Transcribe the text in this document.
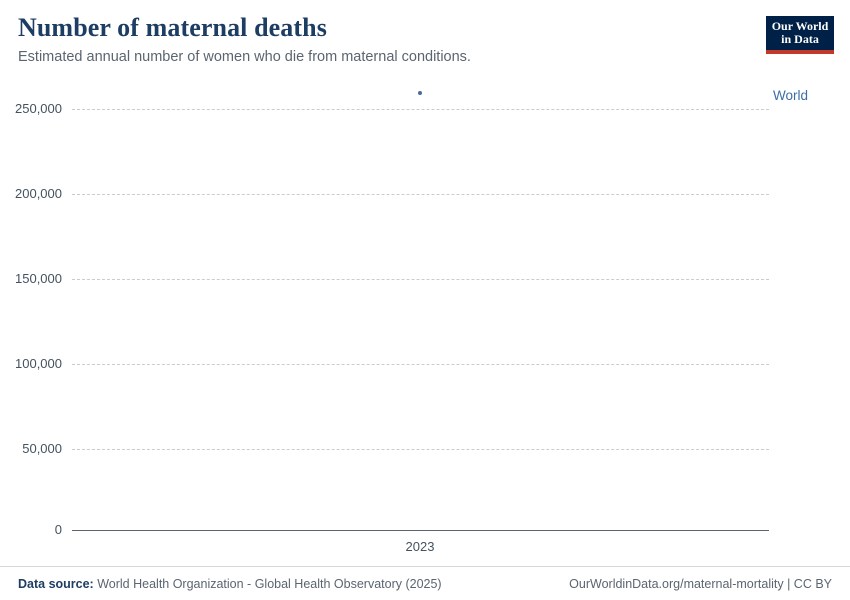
Number of maternal deaths

Estimated annual number of women who die from maternal conditions.

Our World
in Data
250,000
200,000
150,000
100,000
50,000
0
2023
World
Data source: World Health Organization - Global Health Observatory (2025)	OurWorldinData.org/maternal-mortality | CC BY
